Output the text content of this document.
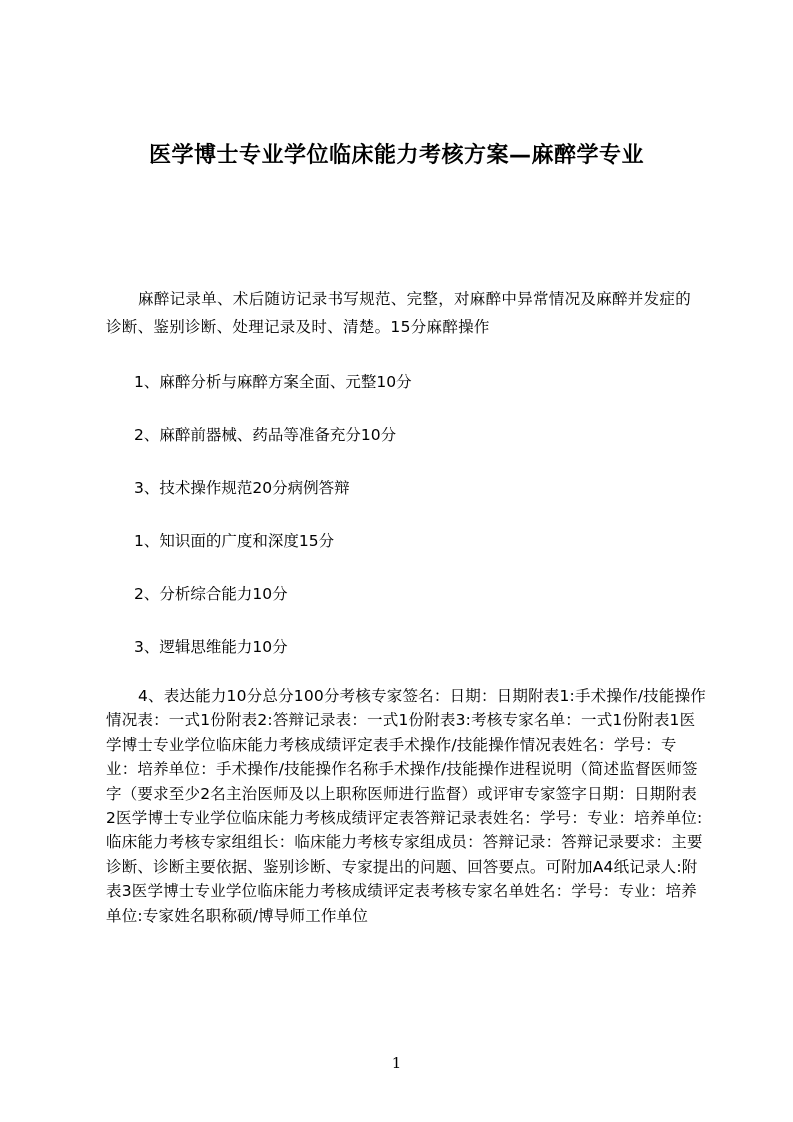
医学博士专业学位临床能力考核方案—麻醉学专业

麻醉记录单、术后随访记录书写规范、完整，对麻醉中异常情况及麻醉并发症的诊断、鉴别诊断、处理记录及时、清楚。15分麻醉操作

1、麻醉分析与麻醉方案全面、元整10分

2、麻醉前器械、药品等准备充分10分

3、技术操作规范20分病例答辩

1、知识面的广度和深度15分

2、分析综合能力10分

3、逻辑思维能力10分

4、表达能力10分总分100分考核专家签名：日期：日期附表1:手术操作/技能操作情况表：一式1份附表2:答辩记录表：一式1份附表3:考核专家名单：一式1份附表1医学博士专业学位临床能力考核成绩评定表手术操作/技能操作情况表姓名：学号：专业：培养单位：手术操作/技能操作名称手术操作/技能操作进程说明（简述监督医师签字（要求至少2名主治医师及以上职称医师进行监督）或评审专家签字日期：日期附表2医学博士专业学位临床能力考核成绩评定表答辩记录表姓名：学号：专业：培养单位:临床能力考核专家组组长：临床能力考核专家组成员：答辩记录：答辩记录要求：主要诊断、诊断主要依据、鉴别诊断、专家提出的问题、回答要点。可附加A4纸记录人:附表3医学博士专业学位临床能力考核成绩评定表考核专家名单姓名：学号：专业：培养单位:专家姓名职称硕/博导师工作单位

1
